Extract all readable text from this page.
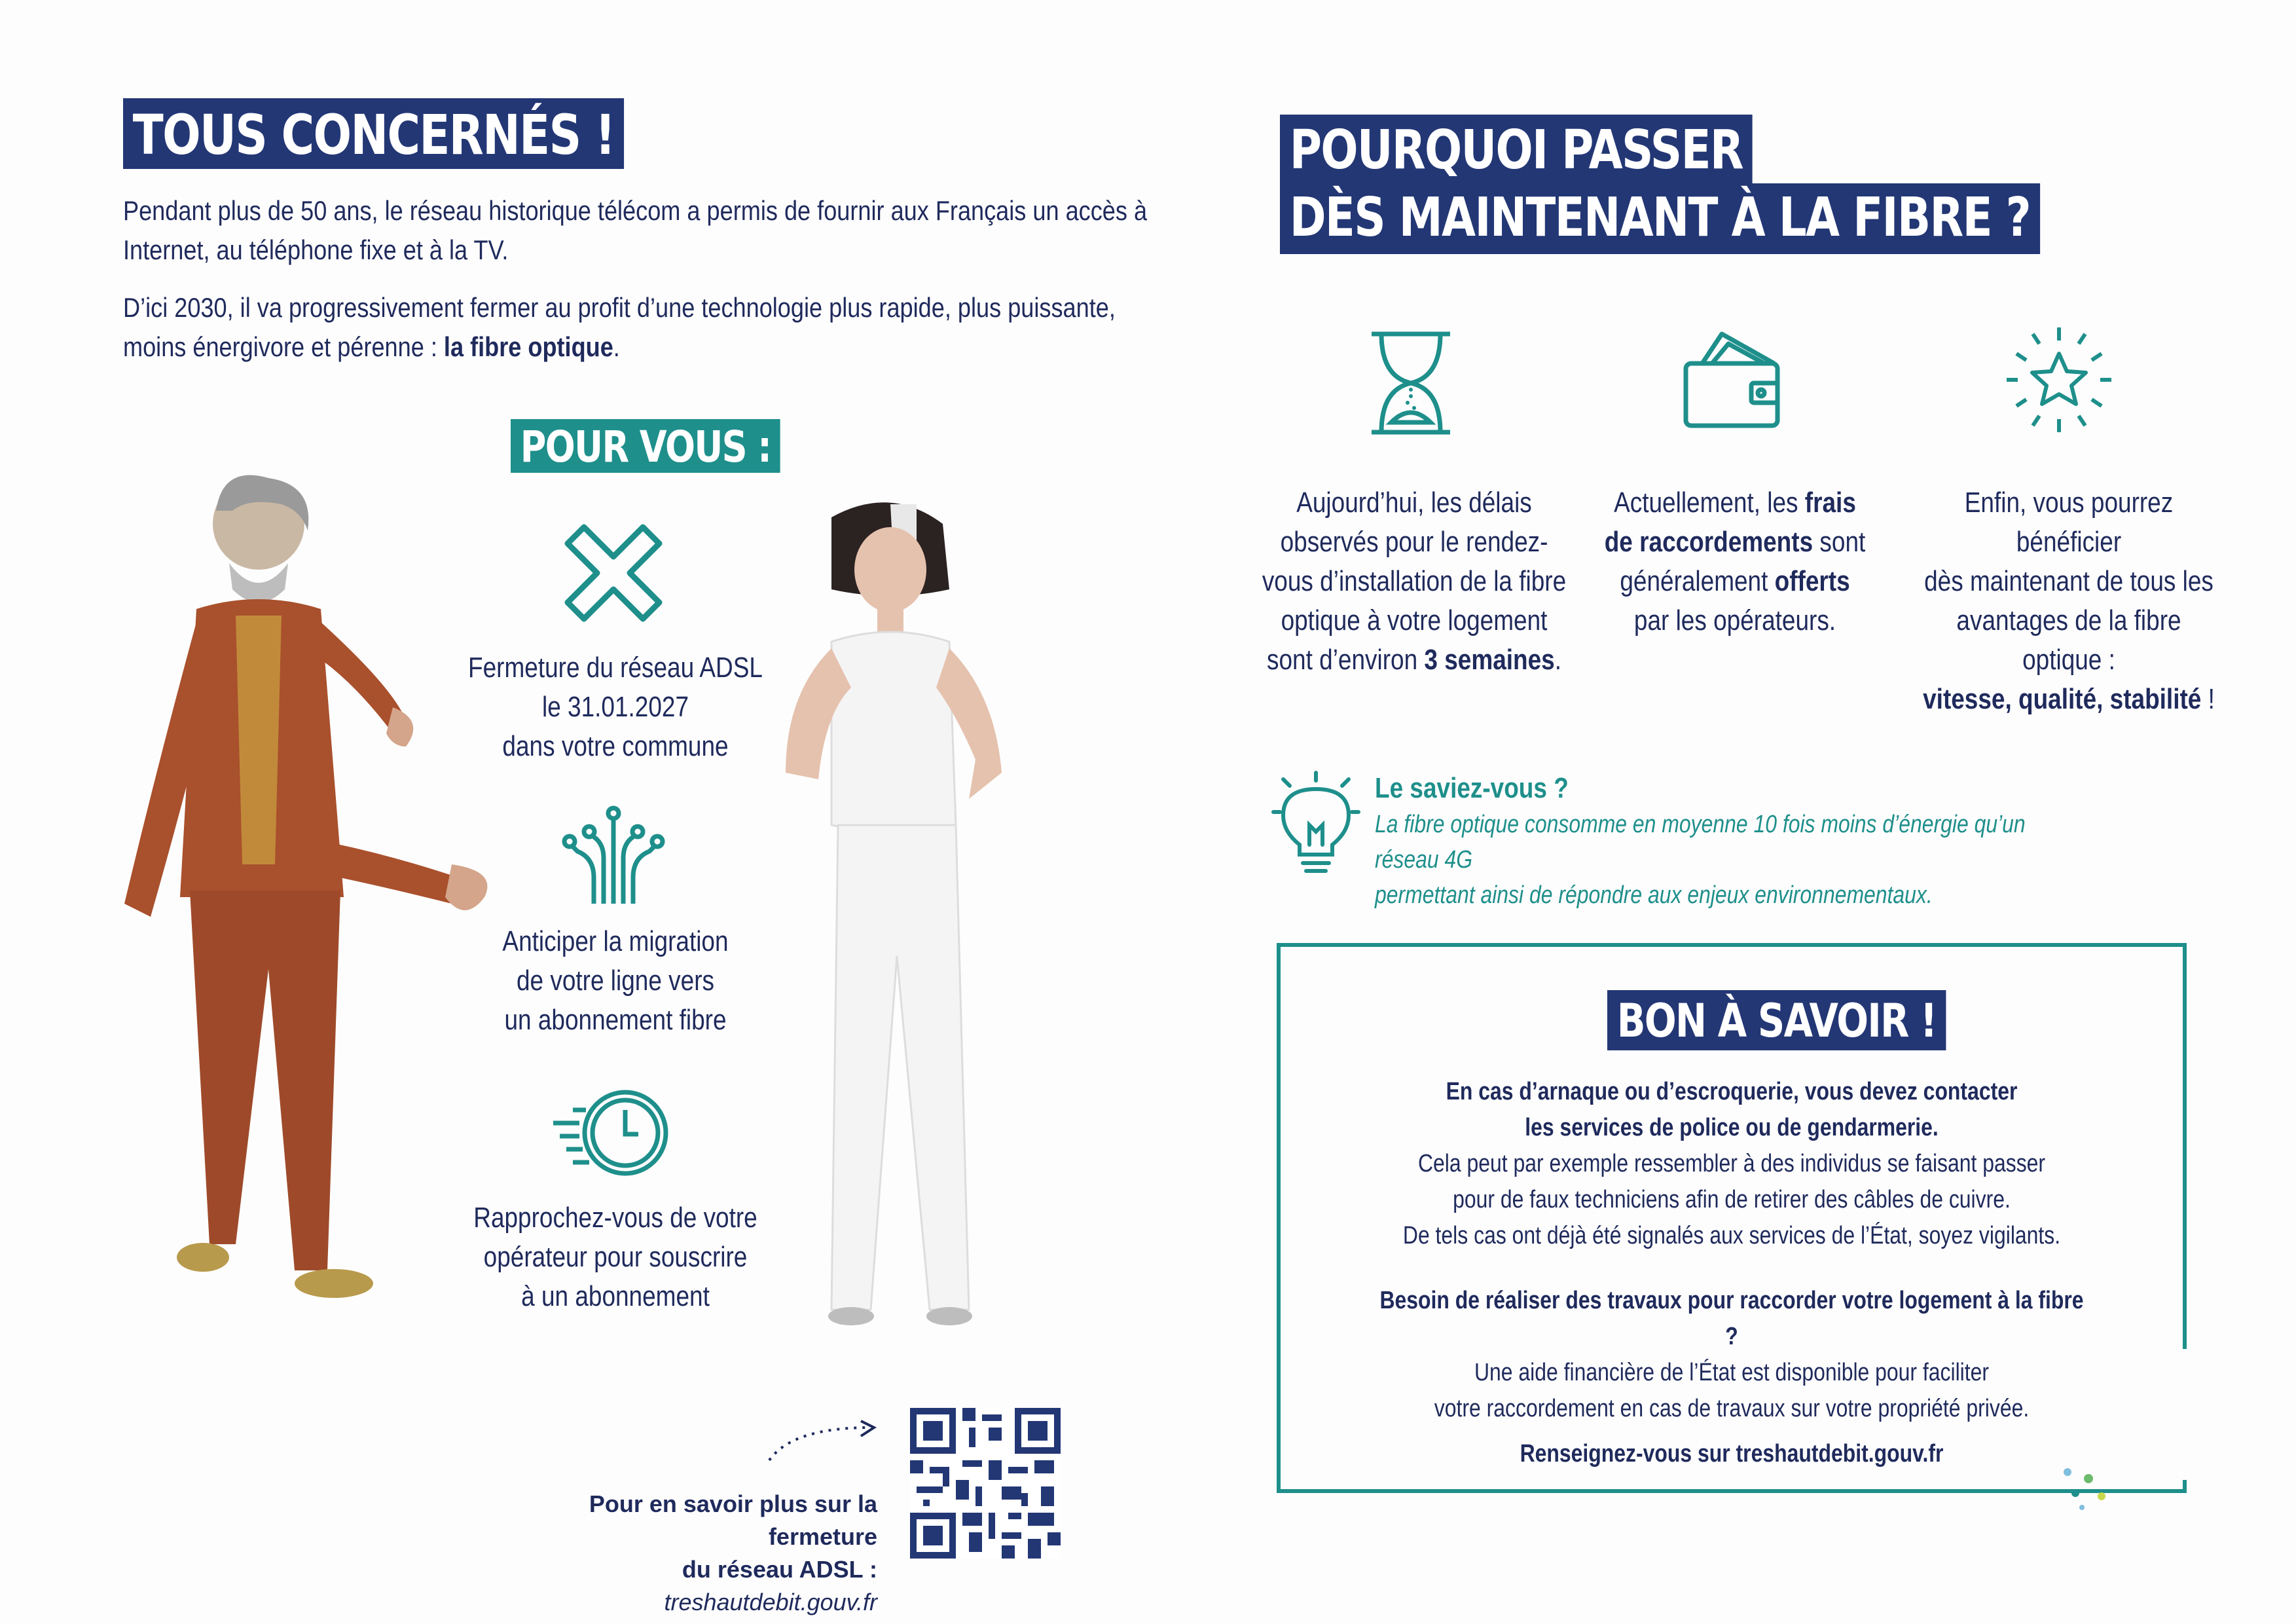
TOUS CONCERNÉS !
Pendant plus de 50 ans, le réseau historique télécom a permis de fournir aux Français un accès à Internet, au téléphone fixe et à la TV.
D’ici 2030, il va progressivement fermer au profit d’une technologie plus rapide, plus puissante, moins énergivore et pérenne : la fibre optique.
POUR VOUS :
Fermeture du réseau ADSL
le 31.01.2027
dans votre commune
Anticiper la migration
de votre ligne vers
un abonnement fibre
Rapprochez-vous de votre
opérateur pour souscrire
à un abonnement
Pour en savoir plus sur la fermeture
du réseau ADSL : treshautdebit.gouv.fr
POURQUOI PASSER
DÈS MAINTENANT À LA FIBRE ?
Aujourd’hui, les délais
observés pour le rendez-
vous d’installation de la fibre
optique à votre logement
sont d’environ 3 semaines.
Actuellement, les frais
de raccordements sont
généralement offerts
par les opérateurs.
Enfin, vous pourrez bénéficier
dès maintenant de tous les
avantages de la fibre optique :
vitesse, qualité, stabilité !
Le saviez-vous ?
La fibre optique consomme en moyenne 10 fois moins d’énergie qu’un réseau 4G
permettant ainsi de répondre aux enjeux environnementaux.
BON À SAVOIR !
En cas d’arnaque ou d’escroquerie, vous devez contacter
les services de police ou de gendarmerie.
Cela peut par exemple ressembler à des individus se faisant passer
pour de faux techniciens afin de retirer des câbles de cuivre.
De tels cas ont déjà été signalés aux services de l’État, soyez vigilants.
Besoin de réaliser des travaux pour raccorder votre logement à la fibre ?
Une aide financière de l’État est disponible pour faciliter
votre raccordement en cas de travaux sur votre propriété privée.
Renseignez-vous sur treshautdebit.gouv.fr
